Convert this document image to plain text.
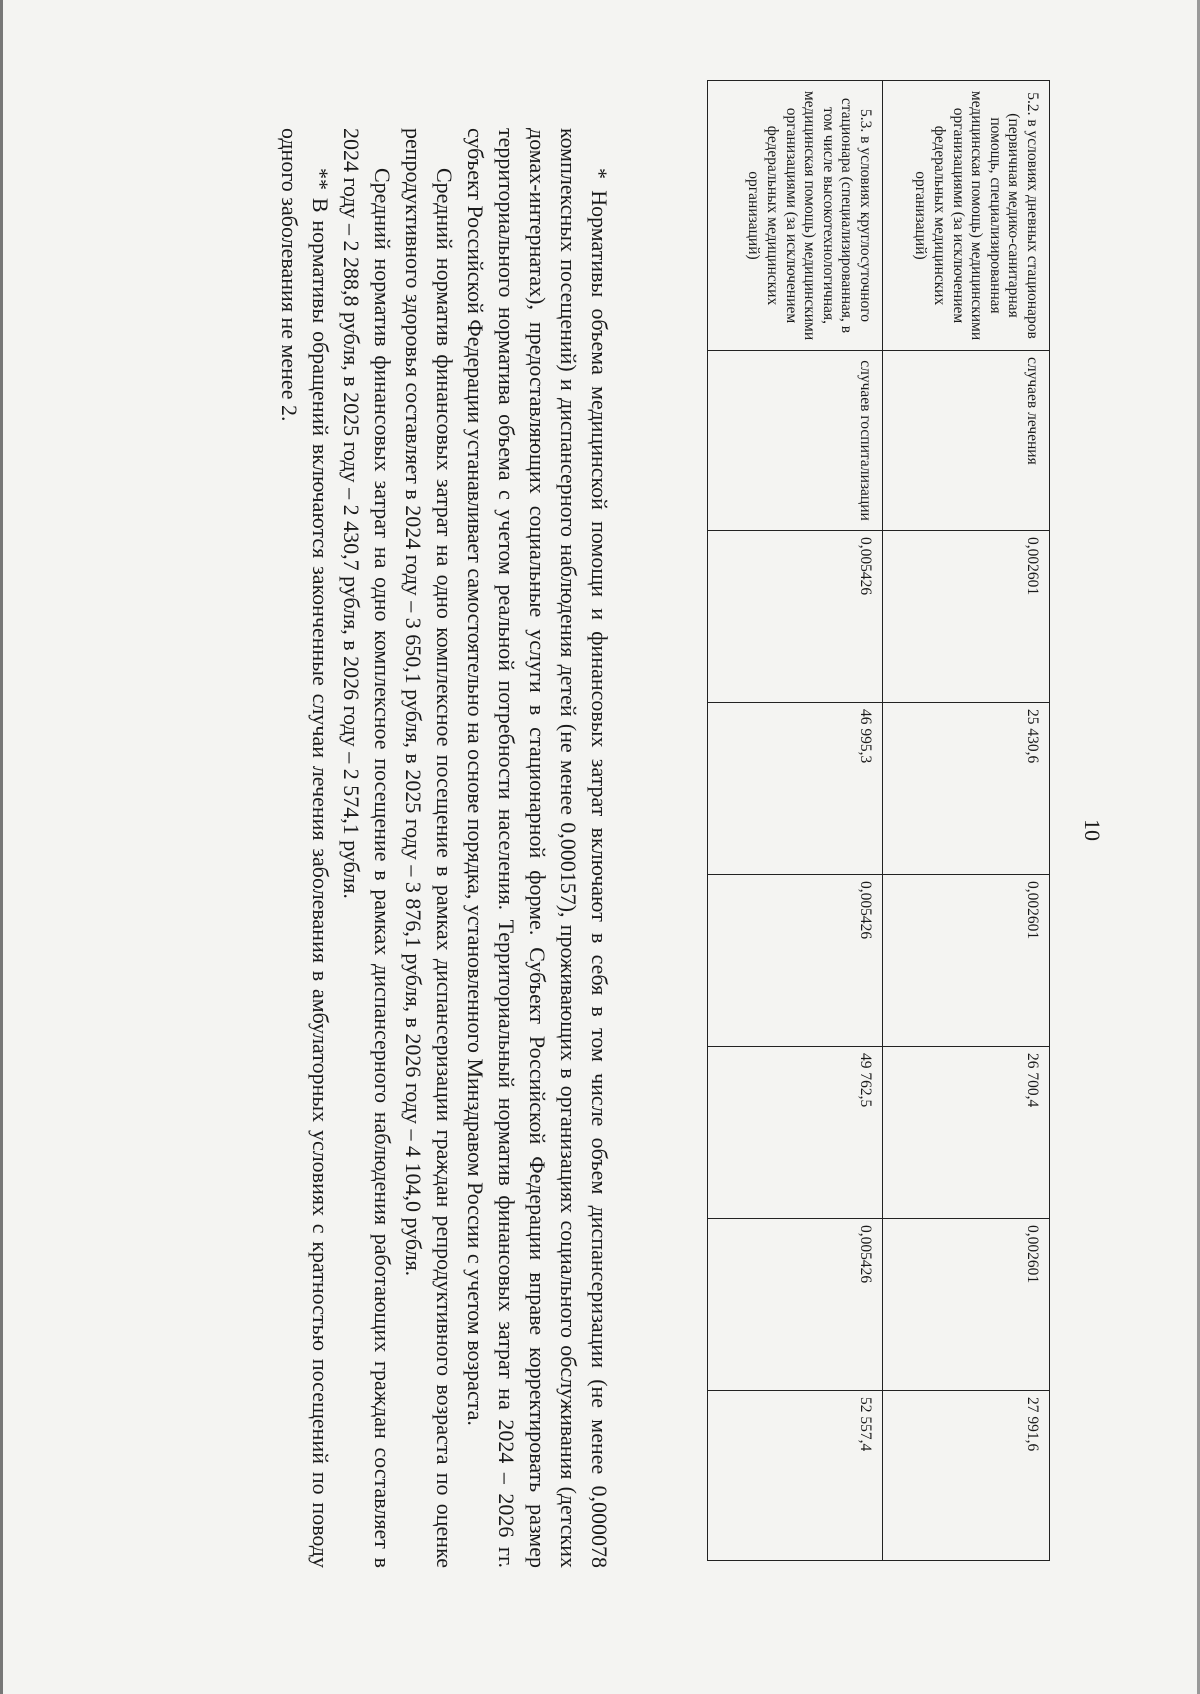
10
5.2. в условиях дневных стационаров (первичная медико-санитарная помощь, специализированная медицинская помощь) медицинскими организациями (за исключением федеральных медицинских организаций)	случаев лечения	0,002601	25 430,6	0,002601	26 700,4	0,002601	27 991,6
5.3. в условиях круглосуточного стационара (специализированная, в том числе высокотехнологичная, медицинская помощь) медицинскими организациями (за исключением федеральных медицинских организаций)	случаев госпитализации	0,005426	46 995,3	0,005426	49 762,5	0,005426	52 557,4

* Нормативы объема медицинской помощи и финансовых затрат включают в себя в том числе объем диспансеризации (не менее 0,000078 комплексных посещений) и диспансерного наблюдения детей (не менее 0,000157), проживающих в организациях социального обслуживания (детских домах-интернатах), предоставляющих социальные услуги в стационарной форме. Субъект Российской Федерации вправе корректировать размер территориального норматива объема с учетом реальной потребности населения. Территориальный норматив финансовых затрат на 2024 – 2026 гг. субъект Российской Федерации устанавливает самостоятельно на основе порядка, установленного Минздравом России с учетом возраста.

Средний норматив финансовых затрат на одно комплексное посещение в рамках диспансеризации граждан репродуктивного возраста по оценке репродуктивного здоровья составляет в 2024 году – 3 650,1 рубля, в 2025 году – 3 876,1 рубля, в 2026 году – 4 104,0 рубля.

Средний норматив финансовых затрат на одно комплексное посещение в рамках диспансерного наблюдения работающих граждан составляет в 2024 году – 2 288,8 рубля, в 2025 году – 2 430,7 рубля, в 2026 году – 2 574,1 рубля.

** В нормативы обращений включаются законченные случаи лечения заболевания в амбулаторных условиях с кратностью посещений по поводу одного заболевания не менее 2.
